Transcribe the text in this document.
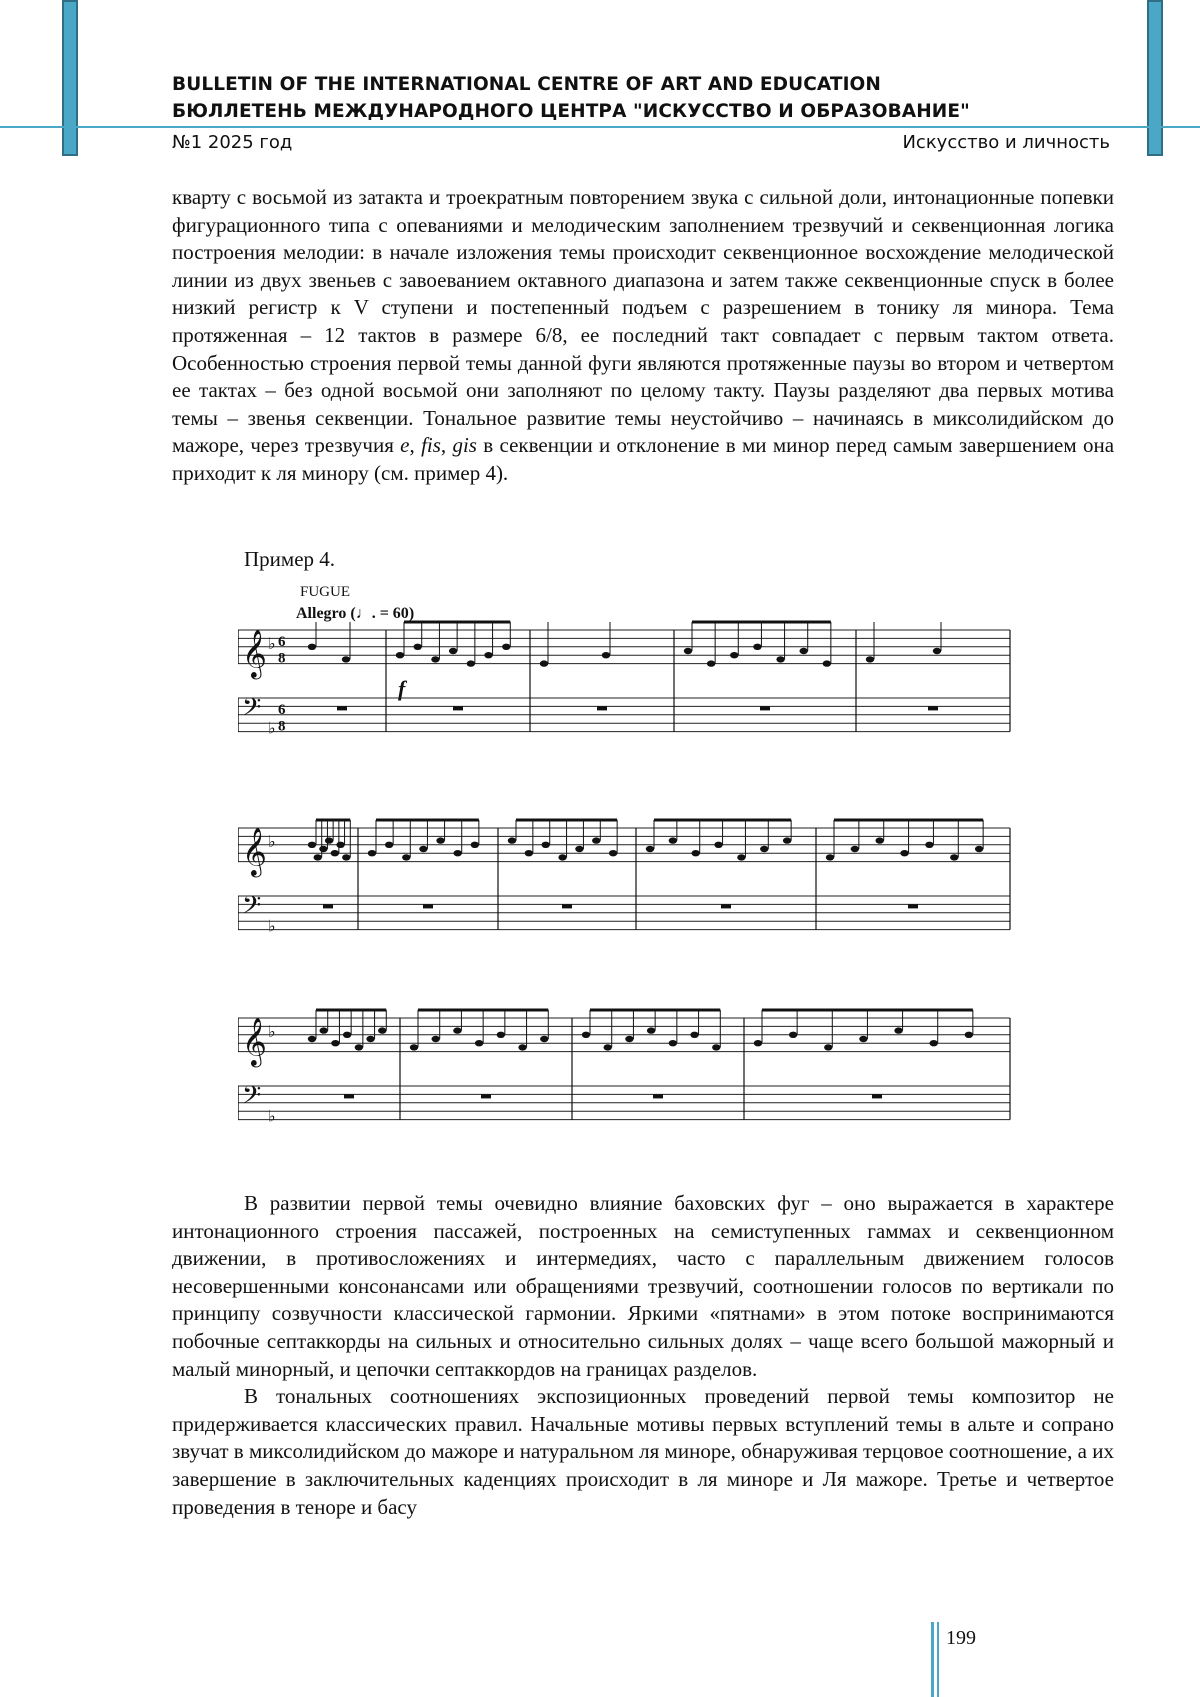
BULLETIN OF THE INTERNATIONAL CENTRE OF ART AND EDUCATION
БЮЛЛЕТЕНЬ МЕЖДУНАРОДНОГО ЦЕНТРА "ИСКУССТВО И ОБРАЗОВАНИЕ"
№1 2025 год	Искусство и личность

кварту с восьмой из затакта и троекратным повторением звука с сильной доли, интонационные попевки фигурационного типа с опеваниями и мелодическим заполнением трезвучий и секвенционная логика построения мелодии: в начале изложения темы происходит секвенционное восхождение мелодической линии из двух звеньев с завоеванием октавного диапазона и затем также секвенционные спуск в более низкий регистр к V ступени и постепенный подъем с разрешением в тонику ля минора. Тема протяженная – 12 тактов в размере 6/8, ее последний такт совпадает с первым тактом ответа. Особенностью строения первой темы данной фуги являются протяженные паузы во втором и четвертом ее тактах – без одной восьмой они заполняют по целому такту. Паузы разделяют два первых мотива темы – звенья секвенции. Тональное развитие темы неустойчиво – начинаясь в миксолидийском до мажоре, через трезвучия e, fis, gis в секвенции и отклонение в ми минор перед самым завершением она приходит к ля минору (см. пример 4).

Пример 4.
FUGUE
Allegro (♩. = 60)
f
𝄞 ♭ 6
8
𝄢
♭
6
8
𝄞 ♭
𝄢
♭
𝄞 ♭
𝄢
♭

В развитии первой темы очевидно влияние баховских фуг – оно выражается в характере интонационного строения пассажей, построенных на семиступенных гаммах и секвенционном движении, в противосложениях и интермедиях, часто с параллельным движением голосов несовершенными консонансами или обращениями трезвучий, соотношении голосов по вертикали по принципу созвучности классической гармонии. Яркими «пятнами» в этом потоке воспринимаются побочные септаккорды на сильных и относительно сильных долях – чаще всего большой мажорный и малый минорный, и цепочки септаккордов на границах разделов.

В тональных соотношениях экспозиционных проведений первой темы композитор не придерживается классических правил. Начальные мотивы первых вступлений темы в альте и сопрано звучат в миксолидийском до мажоре и натуральном ля миноре, обнаруживая терцовое соотношение, а их завершение в заключительных каденциях происходит в ля миноре и Ля мажоре. Третье и четвертое проведения в теноре и басу

199
